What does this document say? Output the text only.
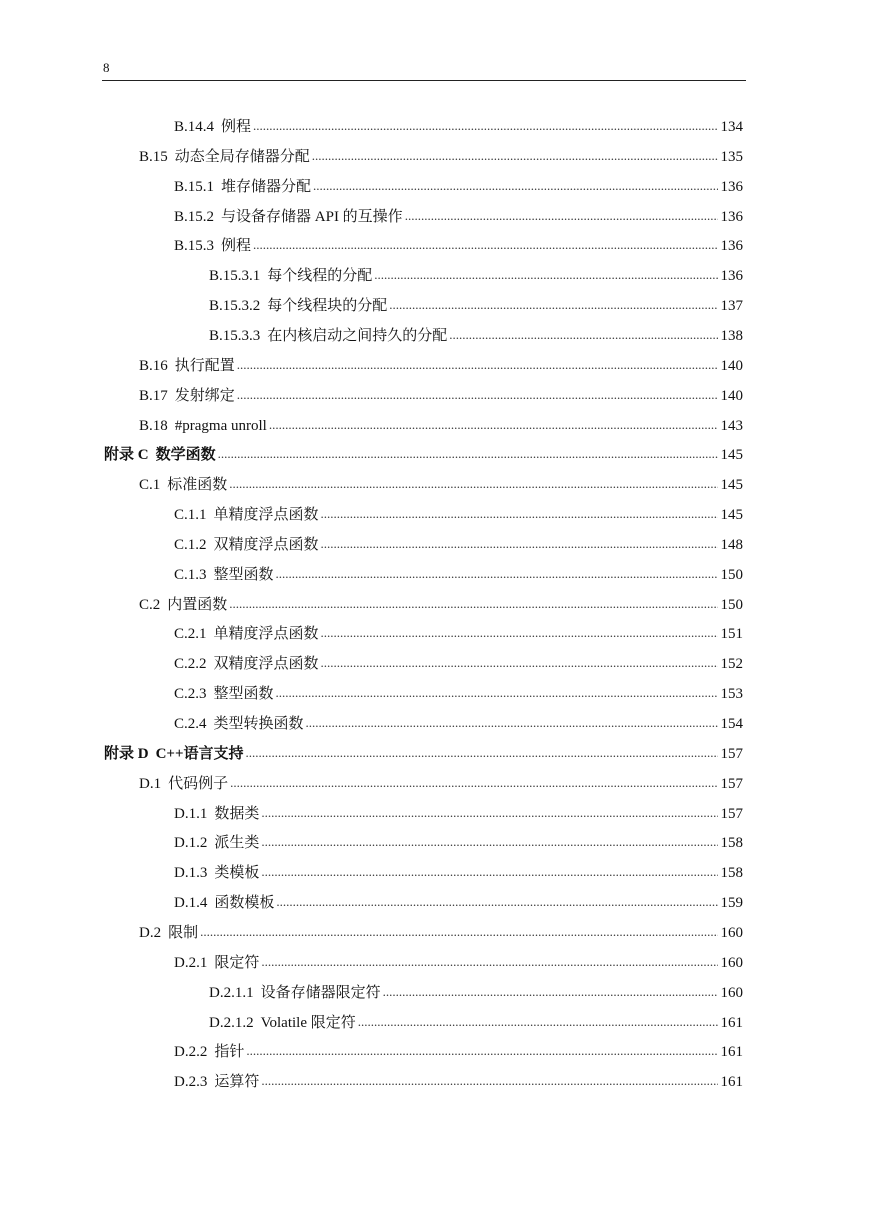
8
B.14.4 例程 .....	134
B.15 动态全局存储器分配 .....	135
B.15.1 堆存储器分配 .....	136
B.15.2 与设备存储器 API 的互操作 .....	136
B.15.3 例程 .....	136
B.15.3.1 每个线程的分配 .....	136
B.15.3.2 每个线程块的分配 .....	137
B.15.3.3 在内核启动之间持久的分配 .....	138
B.16 执行配置 .....	140
B.17 发射绑定 .....	140
B.18 #pragma unroll .....	143
附录 C 数学函数 .....	145
C.1 标准函数 .....	145
C.1.1 单精度浮点函数 .....	145
C.1.2 双精度浮点函数 .....	148
C.1.3 整型函数 .....	150
C.2 内置函数 .....	150
C.2.1 单精度浮点函数 .....	151
C.2.2 双精度浮点函数 .....	152
C.2.3 整型函数 .....	153
C.2.4 类型转换函数 .....	154
附录 D C++语言支持 .....	157
D.1 代码例子 .....	157
D.1.1 数据类 .....	157
D.1.2 派生类 .....	158
D.1.3 类模板 .....	158
D.1.4 函数模板 .....	159
D.2 限制 .....	160
D.2.1 限定符 .....	160
D.2.1.1 设备存储器限定符 .....	160
D.2.1.2 Volatile 限定符 .....	161
D.2.2 指针 .....	161
D.2.3 运算符 .....	161
